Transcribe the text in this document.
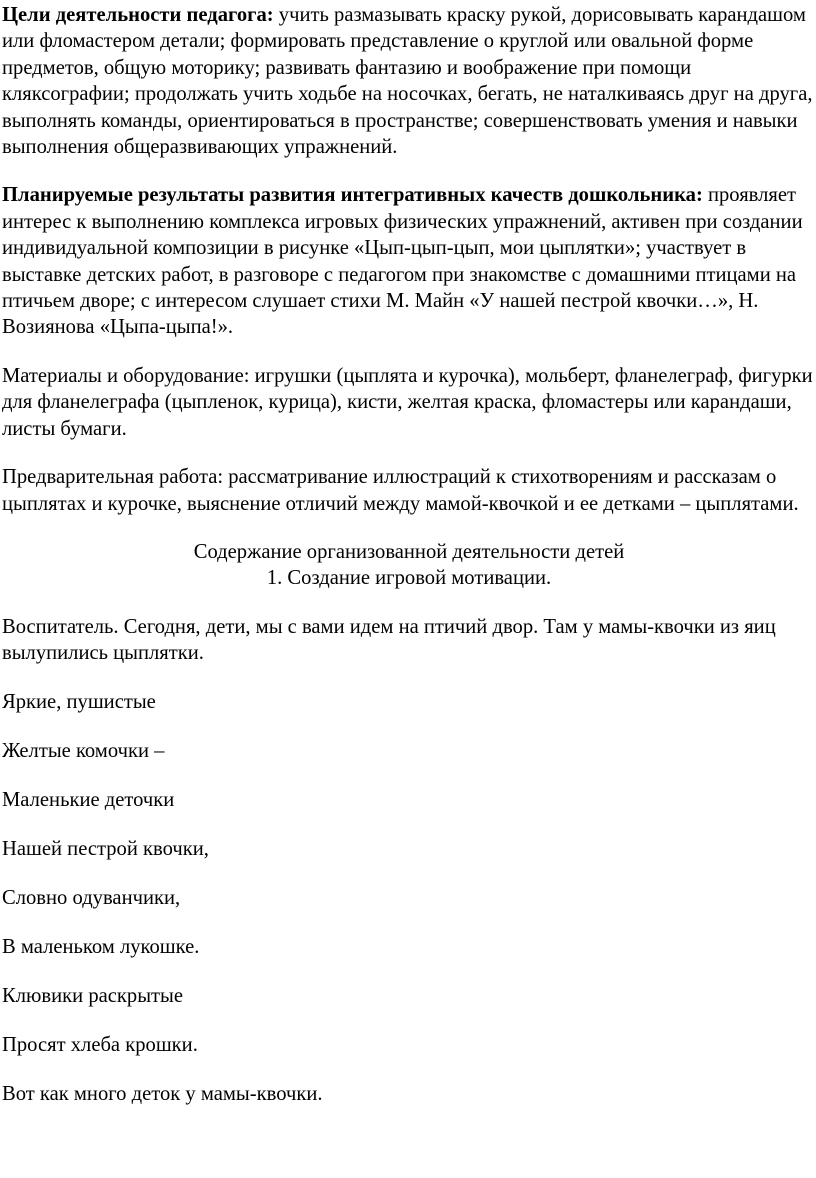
Цели деятельности педагога: учить размазывать краску рукой, дорисовывать карандашом или фломастером детали; формировать представление о круглой или овальной форме предметов, общую моторику; развивать фантазию и воображение при помощи кляксографии; продолжать учить ходьбе на носочках, бегать, не наталкиваясь друг на друга, выполнять команды, ориентироваться в пространстве; совершенствовать умения и навыки выполнения общеразвивающих упражнений.

Планируемые результаты развития интегративных качеств дошкольника: проявляет интерес к выполнению комплекса игровых физических упражнений, активен при создании индивидуальной композиции в рисунке «Цып-цып-цып, мои цыплятки»; участвует в выставке детских работ, в разговоре с педагогом при знакомстве с домашними птицами на птичьем дворе; с интересом слушает стихи М. Майн «У нашей пестрой квочки…», Н. Возиянова «Цыпа-цыпа!».

Материалы и оборудование: игрушки (цыплята и курочка), мольберт, фланелеграф, фигурки для фланелеграфа (цыпленок, курица), кисти, желтая краска, фломастеры или карандаши, листы бумаги.

Предварительная работа: рассматривание иллюстраций к стихотворениям и рассказам о цыплятах и курочке, выяснение отличий между мамой-квочкой и ее детками – цыплятами.

Содержание организованной деятельности детей
1. Создание игровой мотивации.

Воспитатель. Сегодня, дети, мы с вами идем на птичий двор. Там у мамы-квочки из яиц вылупились цыплятки.

Яркие, пушистые

Желтые комочки –

Маленькие деточки

Нашей пестрой квочки,

Словно одуванчики,

В маленьком лукошке.

Клювики раскрытые

Просят хлеба крошки.

Вот как много деток у мамы-квочки.
